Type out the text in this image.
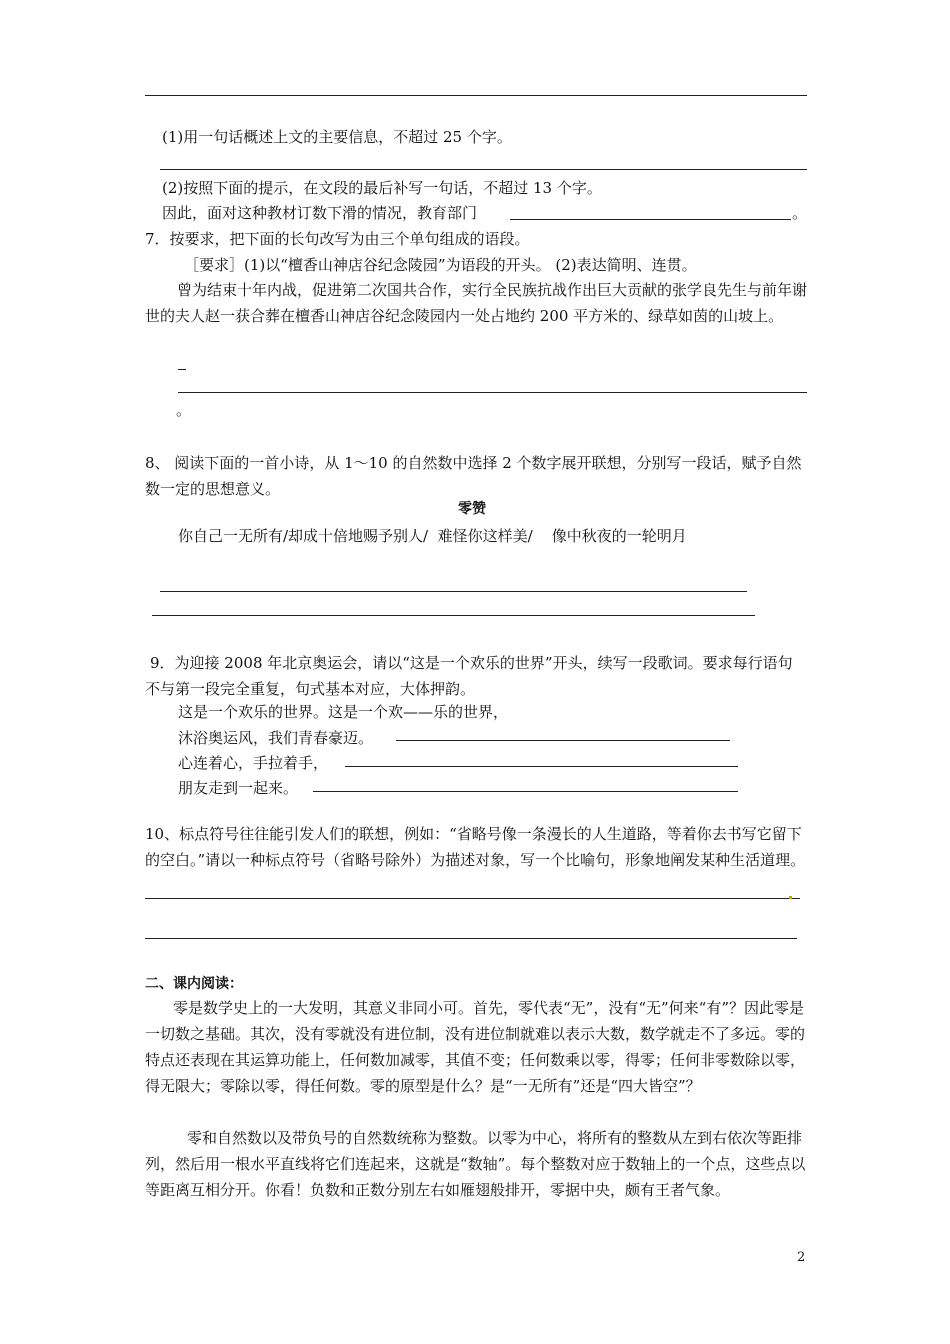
(1)用一句话概述上文的主要信息，不超过 25 个字。
(2)按照下面的提示，在文段的最后补写一句话，不超过 13 个字。
因此，面对这种教材订数下滑的情况，教育部门	。
7．按要求，把下面的长句改写为由三个单句组成的语段。
［要求］(1)以“檀香山神店谷纪念陵园”为语段的开头。 (2)表达简明、连贯。
曾为结束十年内战，促进第二次国共合作，实行全民族抗战作出巨大贡献的张学良先生与前年谢世的夫人赵一获合葬在檀香山神店谷纪念陵园内一处占地约 200 平方米的、绿草如茵的山坡上。
。
8、 阅读下面的一首小诗，从 1～10 的自然数中选择 2 个数字展开联想，分别写一段话，赋予自然数一定的思想意义。
零赞
你自己一无所有/却成十倍地赐予别人/  难怪你这样美/    像中秋夜的一轮明月
9．为迎接 2008 年北京奥运会，请以“这是一个欢乐的世界”开头，续写一段歌词。要求每行语句不与第一段完全重复，句式基本对应，大体押韵。
这是一个欢乐的世界。这是一个欢——乐的世界，
沐浴奥运风，我们青春豪迈。
心连着心，手拉着手，
朋友走到一起来。
10、标点符号往往能引发人们的联想，例如：“省略号像一条漫长的人生道路，等着你去书写它留下的空白。”请以一种标点符号（省略号除外）为描述对象，写一个比喻句，形象地阐发某种生活道理。
二、课内阅读：
零是数学史上的一大发明，其意义非同小可。首先，零代表“无”，没有“无”何来“有”？因此零是一切数之基础。其次，没有零就没有进位制，没有进位制就难以表示大数，数学就走不了多远。零的特点还表现在其运算功能上，任何数加减零，其值不变；任何数乘以零，得零；任何非零数除以零，得无限大；零除以零，得任何数。零的原型是什么？是“一无所有”还是“四大皆空”？
零和自然数以及带负号的自然数统称为整数。以零为中心，将所有的整数从左到右依次等距排列，然后用一根水平直线将它们连起来，这就是“数轴”。每个整数对应于数轴上的一个点，这些点以等距离互相分开。你看！负数和正数分别左右如雁翅般排开，零据中央，颇有王者气象。
2
